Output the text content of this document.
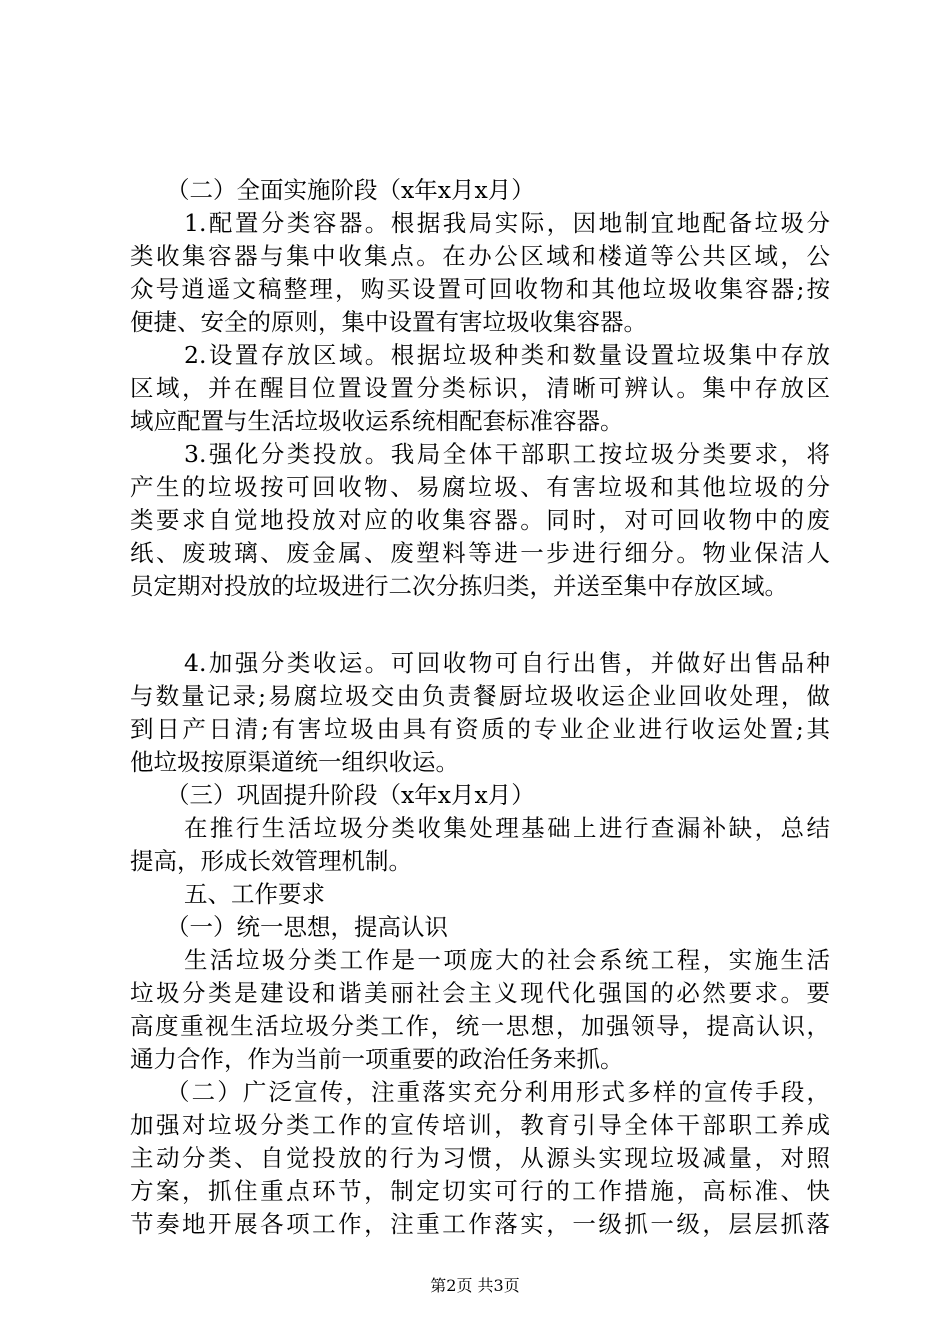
（二）全面实施阶段（x年x月x月）
1.配置分类容器。根据我局实际，因地制宜地配备垃圾分
类收集容器与集中收集点。在办公区域和楼道等公共区域，公
众号逍遥文稿整理，购买设置可回收物和其他垃圾收集容器;按
便捷、安全的原则，集中设置有害垃圾收集容器。
2.设置存放区域。根据垃圾种类和数量设置垃圾集中存放
区域，并在醒目位置设置分类标识，清晰可辨认。集中存放区
域应配置与生活垃圾收运系统相配套标准容器。
3.强化分类投放。我局全体干部职工按垃圾分类要求，将
产生的垃圾按可回收物、易腐垃圾、有害垃圾和其他垃圾的分
类要求自觉地投放对应的收集容器。同时，对可回收物中的废
纸、废玻璃、废金属、废塑料等进一步进行细分。物业保洁人
员定期对投放的垃圾进行二次分拣归类，并送至集中存放区域。
4.加强分类收运。可回收物可自行出售，并做好出售品种
与数量记录;易腐垃圾交由负责餐厨垃圾收运企业回收处理，做
到日产日清;有害垃圾由具有资质的专业企业进行收运处置;其
他垃圾按原渠道统一组织收运。
（三）巩固提升阶段（x年x月x月）
在推行生活垃圾分类收集处理基础上进行查漏补缺，总结
提高，形成长效管理机制。
五、工作要求
（一）统一思想，提高认识
生活垃圾分类工作是一项庞大的社会系统工程，实施生活
垃圾分类是建设和谐美丽社会主义现代化强国的必然要求。要
高度重视生活垃圾分类工作，统一思想，加强领导，提高认识，
通力合作，作为当前一项重要的政治任务来抓。
（二）广泛宣传，注重落实充分利用形式多样的宣传手段，
加强对垃圾分类工作的宣传培训，教育引导全体干部职工养成
主动分类、自觉投放的行为习惯，从源头实现垃圾减量，对照
方案，抓住重点环节，制定切实可行的工作措施，高标准、快
节奏地开展各项工作，注重工作落实，一级抓一级，层层抓落
第2页 共3页
